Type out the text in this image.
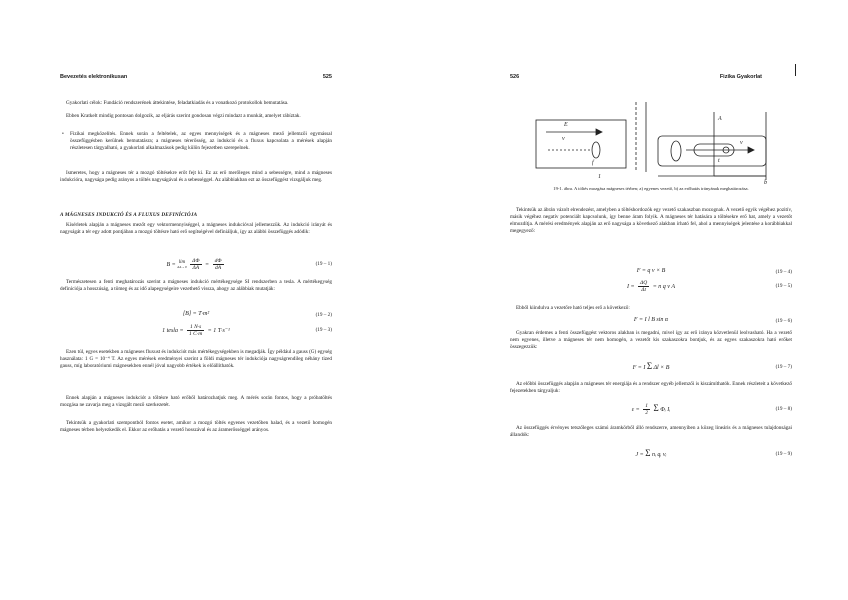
Bevezetés elektronikusan	525

Gyakorlati célok: Fundáció rendszerének áttekintése, feladatkiadás és a vonatkozó protokollok bemutatása.

Ebben Kratkelt mindig pontosan dolgozik, az eljárás szerint gondosan végzi mindazt a munkát, amelyet rábíztak.

• Fizikai megközelítés. Ennek során a feltételek, az egyes mennyiségek és a mágneses mező jellemzői egymással összefüggésben kerülnek bemutatásra; a mágneses térerősség, az indukció és a fluxus kapcsolata a mérések alapján részletesen tárgyalható, a gyakorlati alkalmazások pedig külön fejezetben szerepelnek.

Ismeretes, hogy a mágneses tér a mozgó töltésekre erőt fejt ki. Ez az erő merőleges mind a sebességre, mind a mágneses indukcióra, nagysága pedig arányos a töltés nagyságával és a sebességgel. Az alábbiakban ezt az összefüggést vizsgáljuk meg.

A MÁGNESES INDUKCIÓ ÉS A FLUXUS DEFINÍCIÓJA

Kísérletek alapján a mágneses mezőt egy vektormennyiséggel, a mágneses indukcióval jellemezzük. Az indukció irányát és nagyságát a tér egy adott pontjában a mozgó töltésre ható erő segítségével definiáljuk, így az alábbi összefüggés adódik:

B = lim
ΔA→0
$\frac{\Delta\Phi}{\Delta A} = \frac{d\Phi}{dA}$	(19 – 1)

Természetesen a fenti meghatározás szerint a mágneses indukció mértékegysége SI rendszerben a tesla. A mértékegység definíciója a hosszúság, a tömeg és az idő alapegységeire vezethető vissza, ahogy az alábbiak mutatják:

[B] = T·m²	(19 – 2)
1 tesla = $\frac{1 N\cdot s}{1 C\cdot m} = 1$ T·s⁻¹	(19 – 3)

Ezen túl, egyes esetekben a mágneses fluxust és indukciót más mértékegységekben is megadják. Így például a gauss (G) egység használata: 1 G = 10⁻⁴ T. Az egyes mérések eredményei szerint a földi mágneses tér indukciója nagyságrendileg néhány tized gauss, míg laboratóriumi mágnesekben ennél jóval nagyobb értékek is előállíthatók.

Ennek alapján a mágneses indukciót a töltésre ható erőből határozhatjuk meg. A mérés során fontos, hogy a próbatöltés mozgása ne zavarja meg a vizsgált mező szerkezetét.

Tekintsük a gyakorlati szempontból fontos esetet, amikor a mozgó töltés egyenes vezetőben halad, és a vezető homogén mágneses térben helyezkedik el. Ekkor az erőhatás a vezető hosszával és az áramerősséggel arányos.

526	Fizika Gyakorlat
E
v
f
1
A
v
b
t
19-1. ábra. A töltés mozgása mágneses térben; a) egyenes vezető, b) az erőhatás irányának meghatározása.

Tekintsük az ábrán vázolt elrendezést, amelyben a töltéshordozók egy vezető szakaszban mozognak. A vezető egyik végéhez pozitív, másik végéhez negatív potenciált kapcsolunk, így benne áram folyik. A mágneses tér hatására a töltésekre erő hat, amely a vezetőt elmozdítja. A mérési eredmények alapján az erő nagysága a következő alakban írható fel, ahol a mennyiségek jelentése a korábbiakkal megegyező:

F = q v × B	(19 – 4)
$I = \frac{\Delta Q}{\Delta t} = n$ q v A	(19 – 5)

Ebből kiindulva a vezetőre ható teljes erő a következő:

F = I l B sin α	(19 – 6)

Gyakran érdemes a fenti összefüggést vektoros alakban is megadni, mivel így az erő iránya közvetlenül leolvasható. Ha a vezető nem egyenes, illetve a mágneses tér nem homogén, a vezetőt kis szakaszokra bontjuk, és az egyes szakaszokra ható erőket összegezzük:

F = I Σ Δl × B	(19 – 7)

Az előbbi összefüggés alapján a mágneses tér energiája és a rendszer egyéb jellemzői is kiszámíthatók. Ennek részleteit a következő fejezetekben tárgyaljuk:

$\varepsilon = \frac{1}{2}$ Σ Φᵢ Iᵢ	(19 – 8)

Az összefüggés érvényes tetszőleges számú áramkörből álló rendszerre, amennyiben a közeg lineáris és a mágneses tulajdonságai állandók:

J = Σ nᵢ qᵢ vᵢ	(19 – 9)
